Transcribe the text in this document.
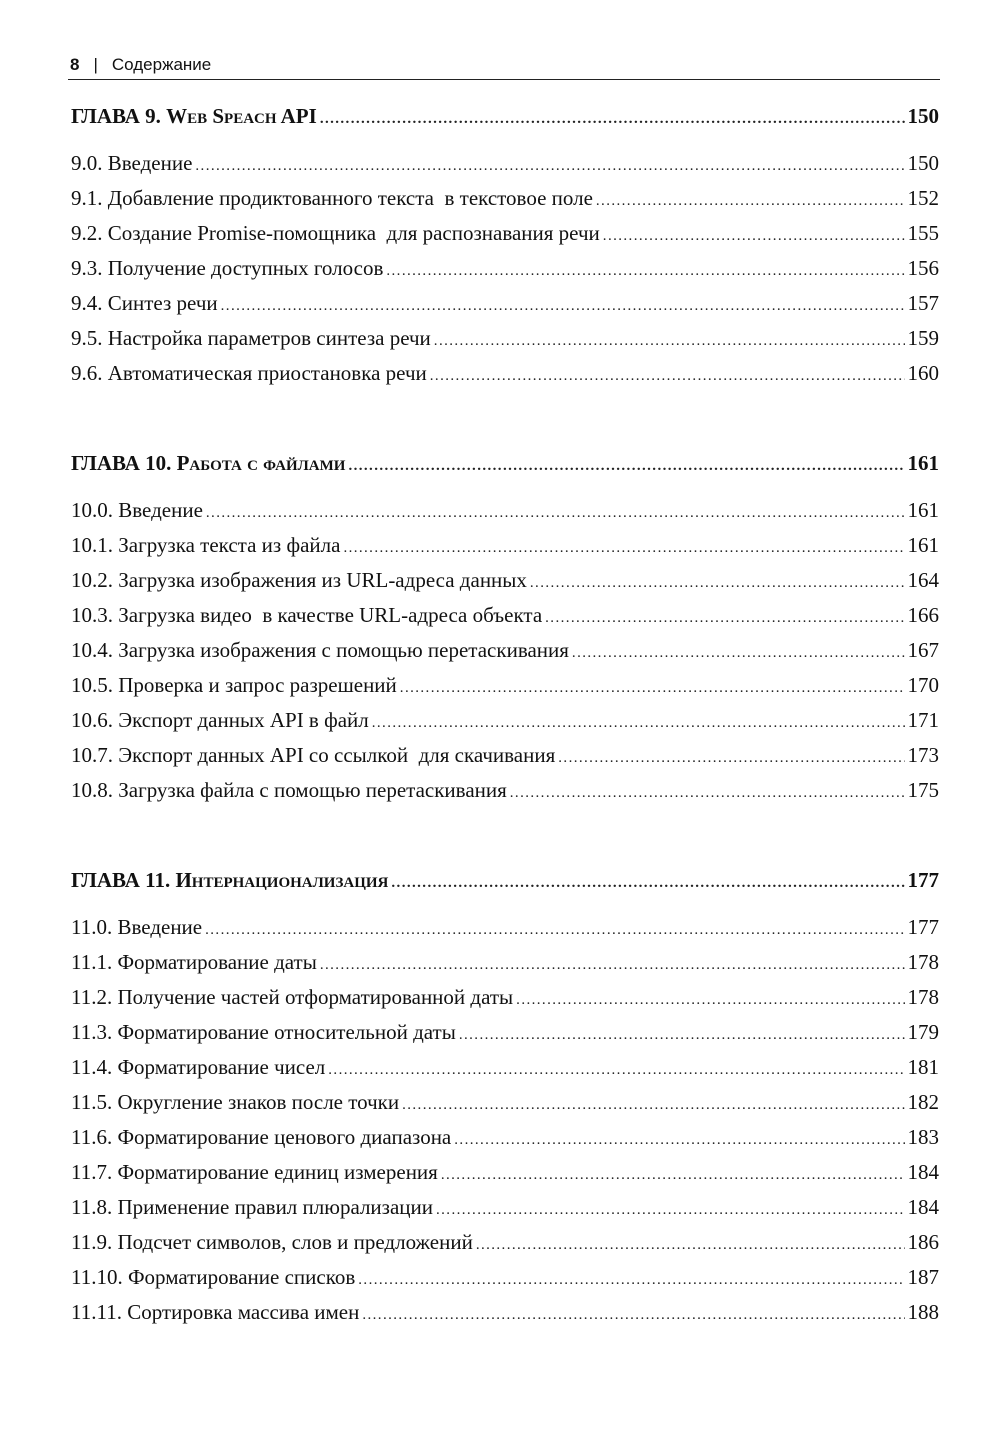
8 | Содержание
ГЛАВА 9. Web Speach API .....	150
9.0. Введение .....	150
9.1. Добавление продиктованного текста  в текстовое поле .....	152
9.2. Создание Promise-помощника  для распознавания речи .....	155
9.3. Получение доступных голосов .....	156
9.4. Синтез речи .....	157
9.5. Настройка параметров синтеза речи .....	159
9.6. Автоматическая приостановка речи .....	160
ГЛАВА 10. Работа с файлами .....	161
10.0. Введение .....	161
10.1. Загрузка текста из файла .....	161
10.2. Загрузка изображения из URL-адреса данных .....	164
10.3. Загрузка видео  в качестве URL-адреса объекта .....	166
10.4. Загрузка изображения с помощью перетаскивания .....	167
10.5. Проверка и запрос разрешений .....	170
10.6. Экспорт данных API в файл .....	171
10.7. Экспорт данных API со ссылкой  для скачивания .....	173
10.8. Загрузка файла с помощью перетаскивания .....	175
ГЛАВА 11. Интернационализация .....	177
11.0. Введение .....	177
11.1. Форматирование даты .....	178
11.2. Получение частей отформатированной даты .....	178
11.3. Форматирование относительной даты .....	179
11.4. Форматирование чисел .....	181
11.5. Округление знаков после точки .....	182
11.6. Форматирование ценового диапазона .....	183
11.7. Форматирование единиц измерения .....	184
11.8. Применение правил плюрализации .....	184
11.9. Подсчет символов, слов и предложений .....	186
11.10. Форматирование списков .....	187
11.11. Сортировка массива имен .....	188
